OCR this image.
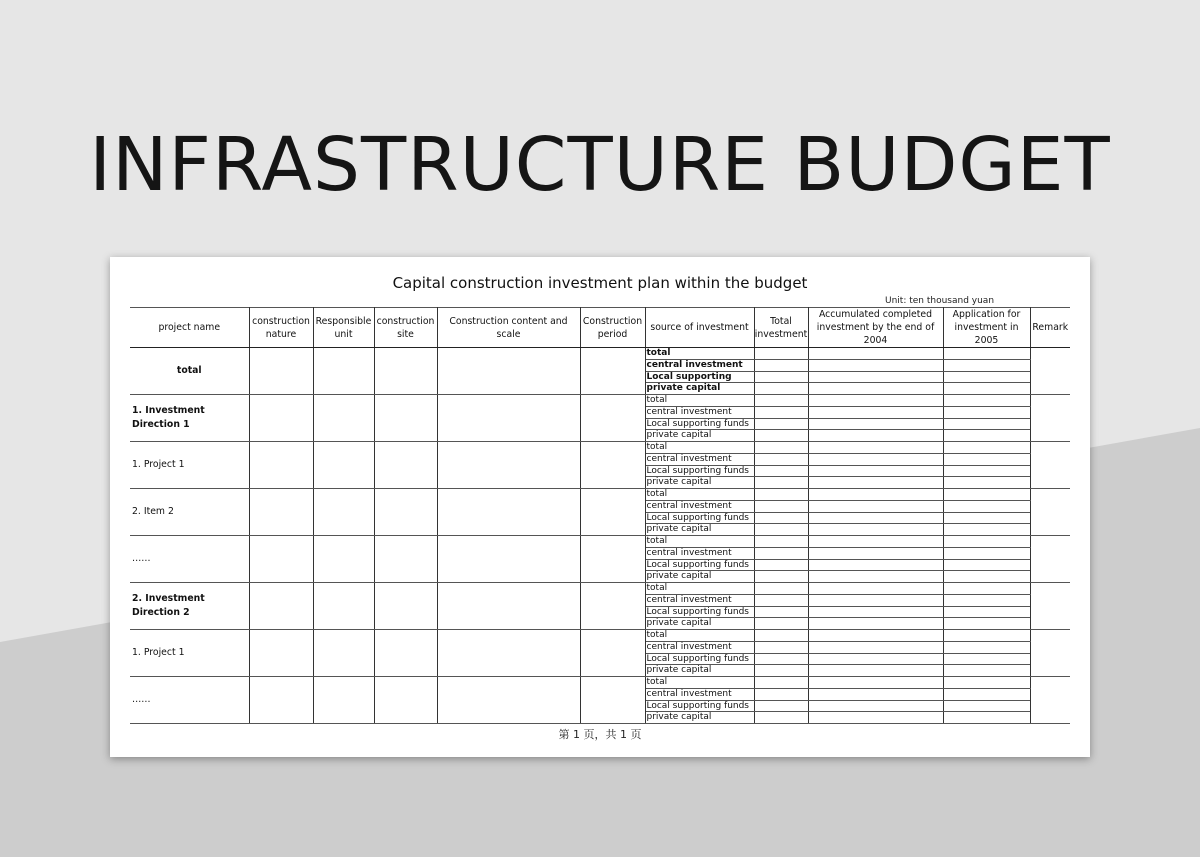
INFRASTRUCTURE BUDGET
Capital construction investment plan within the budget
Unit: ten thousand yuan
project name	construction nature	Responsible unit	construction site	Construction content and scale	Construction period	source of investment	Total investment	Accumulated completed investment by the end of 2004	Application for investment in 2005	Remark
total						total				
						central investment				
						Local supporting				
						private capital				
1. Investment Direction 1						total				
						central investment				
						Local supporting funds				
						private capital				
1. Project 1						total				
						central investment				
						Local supporting funds				
						private capital				
2. Item 2						total				
						central investment				
						Local supporting funds				
						private capital				
……						total				
						central investment				
						Local supporting funds				
						private capital				
2. Investment Direction 2						total				
						central investment				
						Local supporting funds				
						private capital				
1. Project 1						total				
						central investment				
						Local supporting funds				
						private capital				
……						total				
						central investment				
						Local supporting funds				
						private capital				
第 1 页，共 1 页
